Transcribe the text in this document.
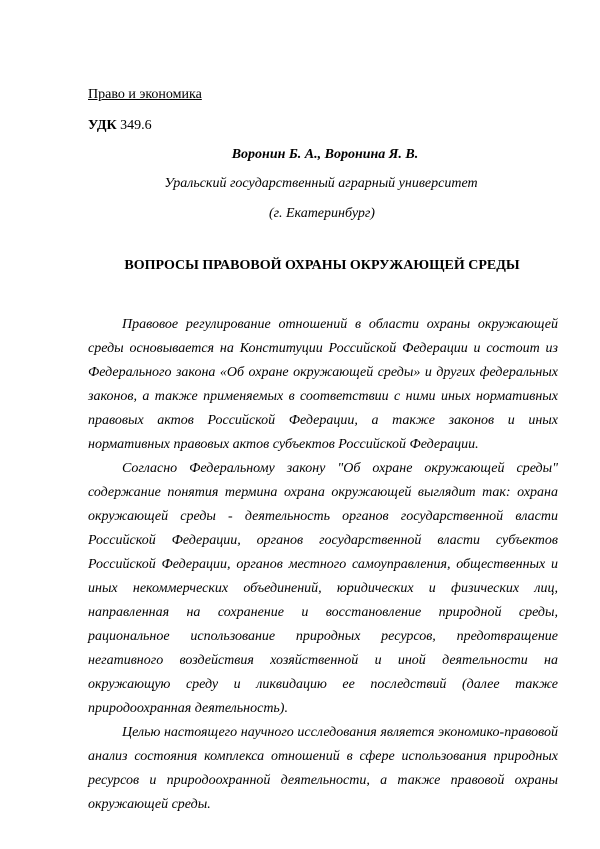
Право и экономика
УДК 349.6
Воронин Б. А., Воронина Я. В.
Уральский государственный аграрный университет
(г. Екатеринбург)
ВОПРОСЫ ПРАВОВОЙ ОХРАНЫ ОКРУЖАЮЩЕЙ СРЕДЫ

Правовое регулирование отношений в области охраны окружающей среды основывается на Конституции Российской Федерации и состоит из Федерального закона «Об охране окружающей среды» и других федеральных законов, а также применяемых в соответствии с ними иных нормативных правовых актов Российской Федерации, а также законов и иных нормативных правовых актов субъектов Российской Федерации.

Согласно Федеральному закону "Об охране окружающей среды" содержание понятия термина охрана окружающей выглядит так: охрана окружающей среды - деятельность органов государственной власти Российской Федерации, органов государственной власти субъектов Российской Федерации, органов местного самоуправления, общественных и иных некоммерческих объединений, юридических и физических лиц, направленная на сохранение и восстановление природной среды, рациональное использование природных ресурсов, предотвращение негативного воздействия хозяйственной и иной деятельности на окружающую среду и ликвидацию ее последствий (далее также природоохранная деятельность).

Целью настоящего научного исследования является экономико-правовой анализ состояния комплекса отношений в сфере использования природных ресурсов и природоохранной деятельности, а также правовой охраны окружающей среды.
